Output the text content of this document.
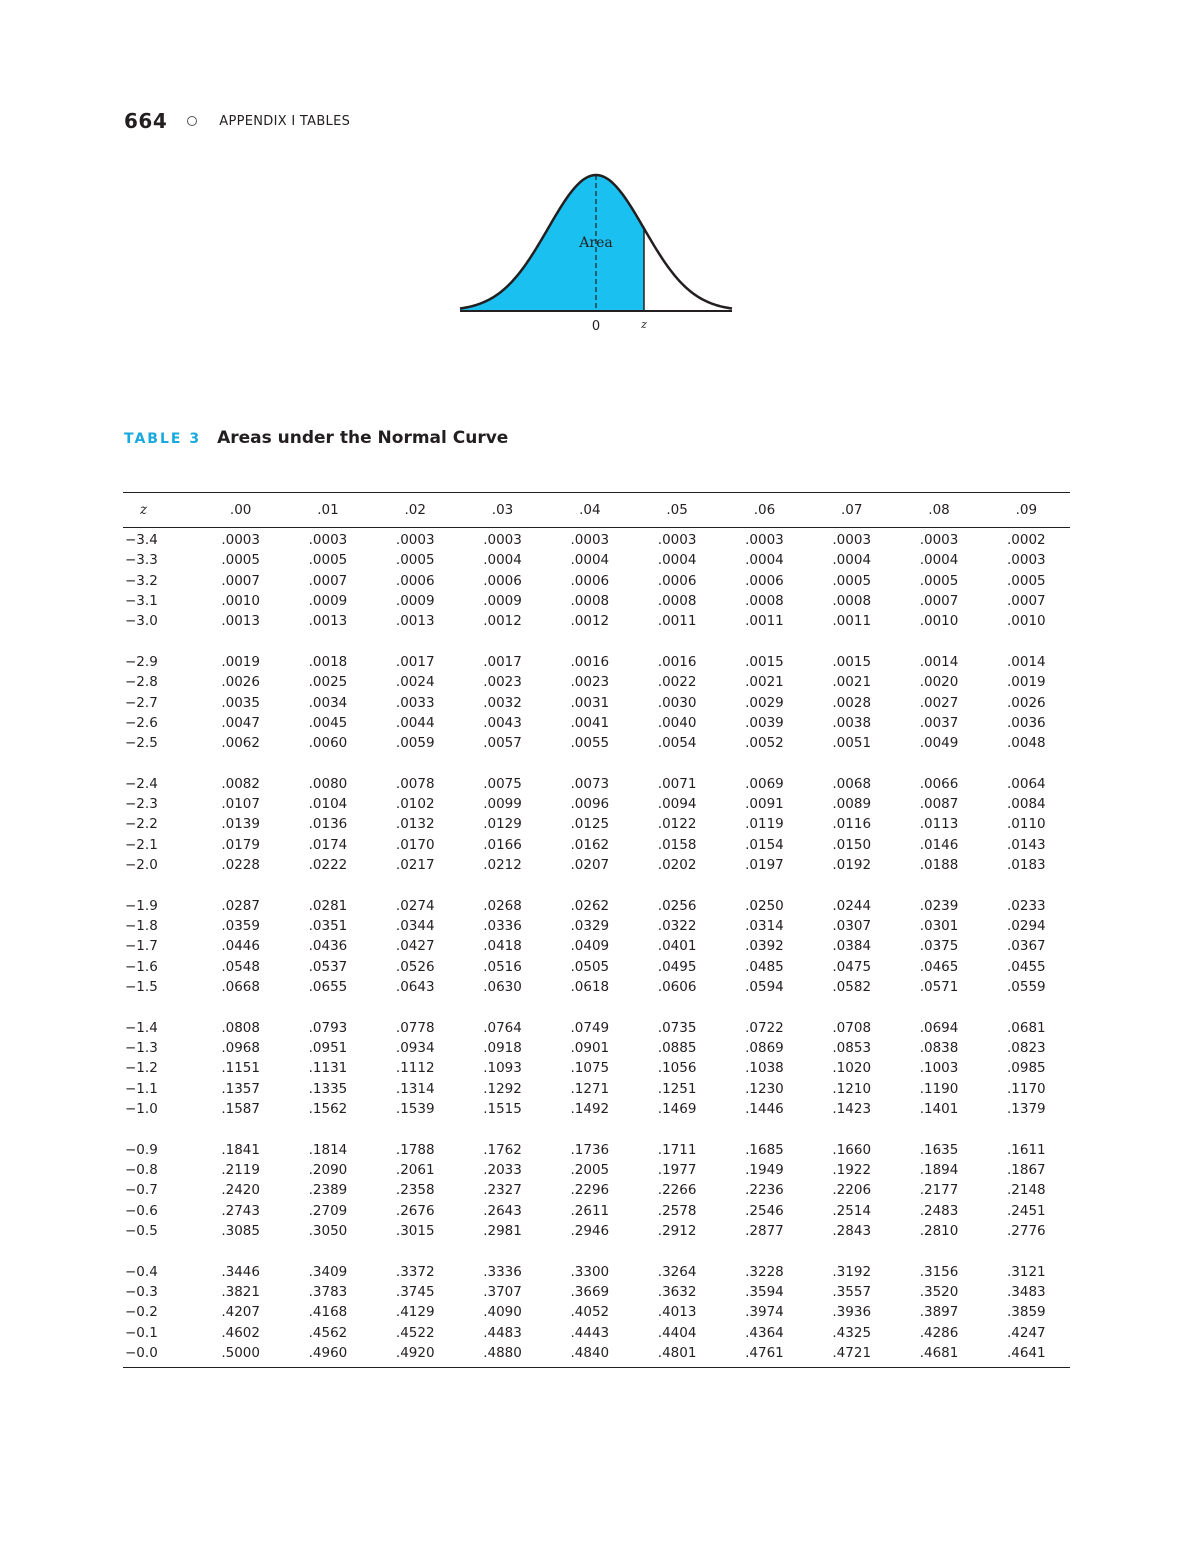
664	APPENDIX I TABLES
Area
0	z
TABLE 3 Areas under the Normal Curve
z	.00	.01	.02	.03	.04	.05	.06	.07	.08	.09
−3.4	.0003	.0003	.0003	.0003	.0003	.0003	.0003	.0003	.0003	.0002
−3.3	.0005	.0005	.0005	.0004	.0004	.0004	.0004	.0004	.0004	.0003
−3.2	.0007	.0007	.0006	.0006	.0006	.0006	.0006	.0005	.0005	.0005
−3.1	.0010	.0009	.0009	.0009	.0008	.0008	.0008	.0008	.0007	.0007
−3.0	.0013	.0013	.0013	.0012	.0012	.0011	.0011	.0011	.0010	.0010

−2.9	.0019	.0018	.0017	.0017	.0016	.0016	.0015	.0015	.0014	.0014
−2.8	.0026	.0025	.0024	.0023	.0023	.0022	.0021	.0021	.0020	.0019
−2.7	.0035	.0034	.0033	.0032	.0031	.0030	.0029	.0028	.0027	.0026
−2.6	.0047	.0045	.0044	.0043	.0041	.0040	.0039	.0038	.0037	.0036
−2.5	.0062	.0060	.0059	.0057	.0055	.0054	.0052	.0051	.0049	.0048

−2.4	.0082	.0080	.0078	.0075	.0073	.0071	.0069	.0068	.0066	.0064
−2.3	.0107	.0104	.0102	.0099	.0096	.0094	.0091	.0089	.0087	.0084
−2.2	.0139	.0136	.0132	.0129	.0125	.0122	.0119	.0116	.0113	.0110
−2.1	.0179	.0174	.0170	.0166	.0162	.0158	.0154	.0150	.0146	.0143
−2.0	.0228	.0222	.0217	.0212	.0207	.0202	.0197	.0192	.0188	.0183

−1.9	.0287	.0281	.0274	.0268	.0262	.0256	.0250	.0244	.0239	.0233
−1.8	.0359	.0351	.0344	.0336	.0329	.0322	.0314	.0307	.0301	.0294
−1.7	.0446	.0436	.0427	.0418	.0409	.0401	.0392	.0384	.0375	.0367
−1.6	.0548	.0537	.0526	.0516	.0505	.0495	.0485	.0475	.0465	.0455
−1.5	.0668	.0655	.0643	.0630	.0618	.0606	.0594	.0582	.0571	.0559

−1.4	.0808	.0793	.0778	.0764	.0749	.0735	.0722	.0708	.0694	.0681
−1.3	.0968	.0951	.0934	.0918	.0901	.0885	.0869	.0853	.0838	.0823
−1.2	.1151	.1131	.1112	.1093	.1075	.1056	.1038	.1020	.1003	.0985
−1.1	.1357	.1335	.1314	.1292	.1271	.1251	.1230	.1210	.1190	.1170
−1.0	.1587	.1562	.1539	.1515	.1492	.1469	.1446	.1423	.1401	.1379

−0.9	.1841	.1814	.1788	.1762	.1736	.1711	.1685	.1660	.1635	.1611
−0.8	.2119	.2090	.2061	.2033	.2005	.1977	.1949	.1922	.1894	.1867
−0.7	.2420	.2389	.2358	.2327	.2296	.2266	.2236	.2206	.2177	.2148
−0.6	.2743	.2709	.2676	.2643	.2611	.2578	.2546	.2514	.2483	.2451
−0.5	.3085	.3050	.3015	.2981	.2946	.2912	.2877	.2843	.2810	.2776

−0.4	.3446	.3409	.3372	.3336	.3300	.3264	.3228	.3192	.3156	.3121
−0.3	.3821	.3783	.3745	.3707	.3669	.3632	.3594	.3557	.3520	.3483
−0.2	.4207	.4168	.4129	.4090	.4052	.4013	.3974	.3936	.3897	.3859
−0.1	.4602	.4562	.4522	.4483	.4443	.4404	.4364	.4325	.4286	.4247
−0.0	.5000	.4960	.4920	.4880	.4840	.4801	.4761	.4721	.4681	.4641
